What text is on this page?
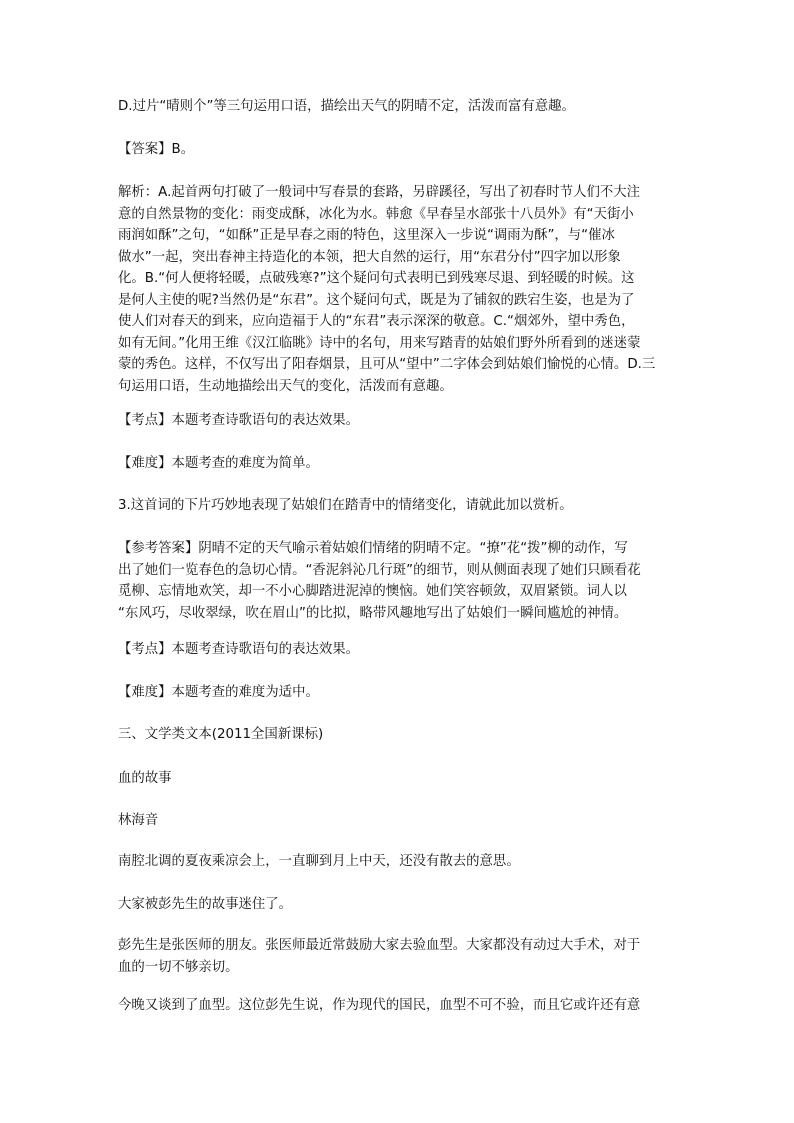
D.过片“晴则个”等三句运用口语，描绘出天气的阴晴不定，活泼而富有意趣。
【答案】B。
解析：A.起首两句打破了一般词中写春景的套路，另辟蹊径，写出了初春时节人们不大注
意的自然景物的变化：雨变成酥，冰化为水。韩愈《早春呈水部张十八员外》有“天街小
雨润如酥”之句，“如酥”正是早春之雨的特色，这里深入一步说“调雨为酥”，与“催冰
做水”一起，突出春神主持造化的本领，把大自然的运行，用“东君分付”四字加以形象
化。B.“何人便将轻暖，点破残寒?”这个疑问句式表明已到残寒尽退、到轻暖的时候。这
是何人主使的呢?当然仍是“东君”。这个疑问句式，既是为了铺叙的跌宕生姿，也是为了
使人们对春天的到来，应向造福于人的“东君”表示深深的敬意。C.“烟郊外，望中秀色，
如有无间。”化用王维《汉江临眺》诗中的名句，用来写踏青的姑娘们野外所看到的迷迷蒙
蒙的秀色。这样，不仅写出了阳春烟景，且可从“望中”二字体会到姑娘们愉悦的心情。D.三
句运用口语，生动地描绘出天气的变化，活泼而有意趣。
【考点】本题考查诗歌语句的表达效果。
【难度】本题考查的难度为简单。
3.这首词的下片巧妙地表现了姑娘们在踏青中的情绪变化，请就此加以赏析。
【参考答案】阴晴不定的天气喻示着姑娘们情绪的阴晴不定。“撩”花“拨”柳的动作，写
出了她们一览春色的急切心情。“香泥斜沁几行斑”的细节，则从侧面表现了她们只顾看花
觅柳、忘情地欢笑，却一不小心脚踏进泥淖的懊恼。她们笑容顿敛，双眉紧锁。词人以
“东风巧，尽收翠绿，吹在眉山”的比拟，略带风趣地写出了姑娘们一瞬间尴尬的神情。
【考点】本题考查诗歌语句的表达效果。
【难度】本题考查的难度为适中。
三、文学类文本(2011全国新课标)
血的故事
林海音
南腔北调的夏夜乘凉会上，一直聊到月上中天，还没有散去的意思。
大家被彭先生的故事迷住了。
彭先生是张医师的朋友。张医师最近常鼓励大家去验血型。大家都没有动过大手术，对于
血的一切不够亲切。
今晚又谈到了血型。这位彭先生说，作为现代的国民，血型不可不验，而且它或许还有意
